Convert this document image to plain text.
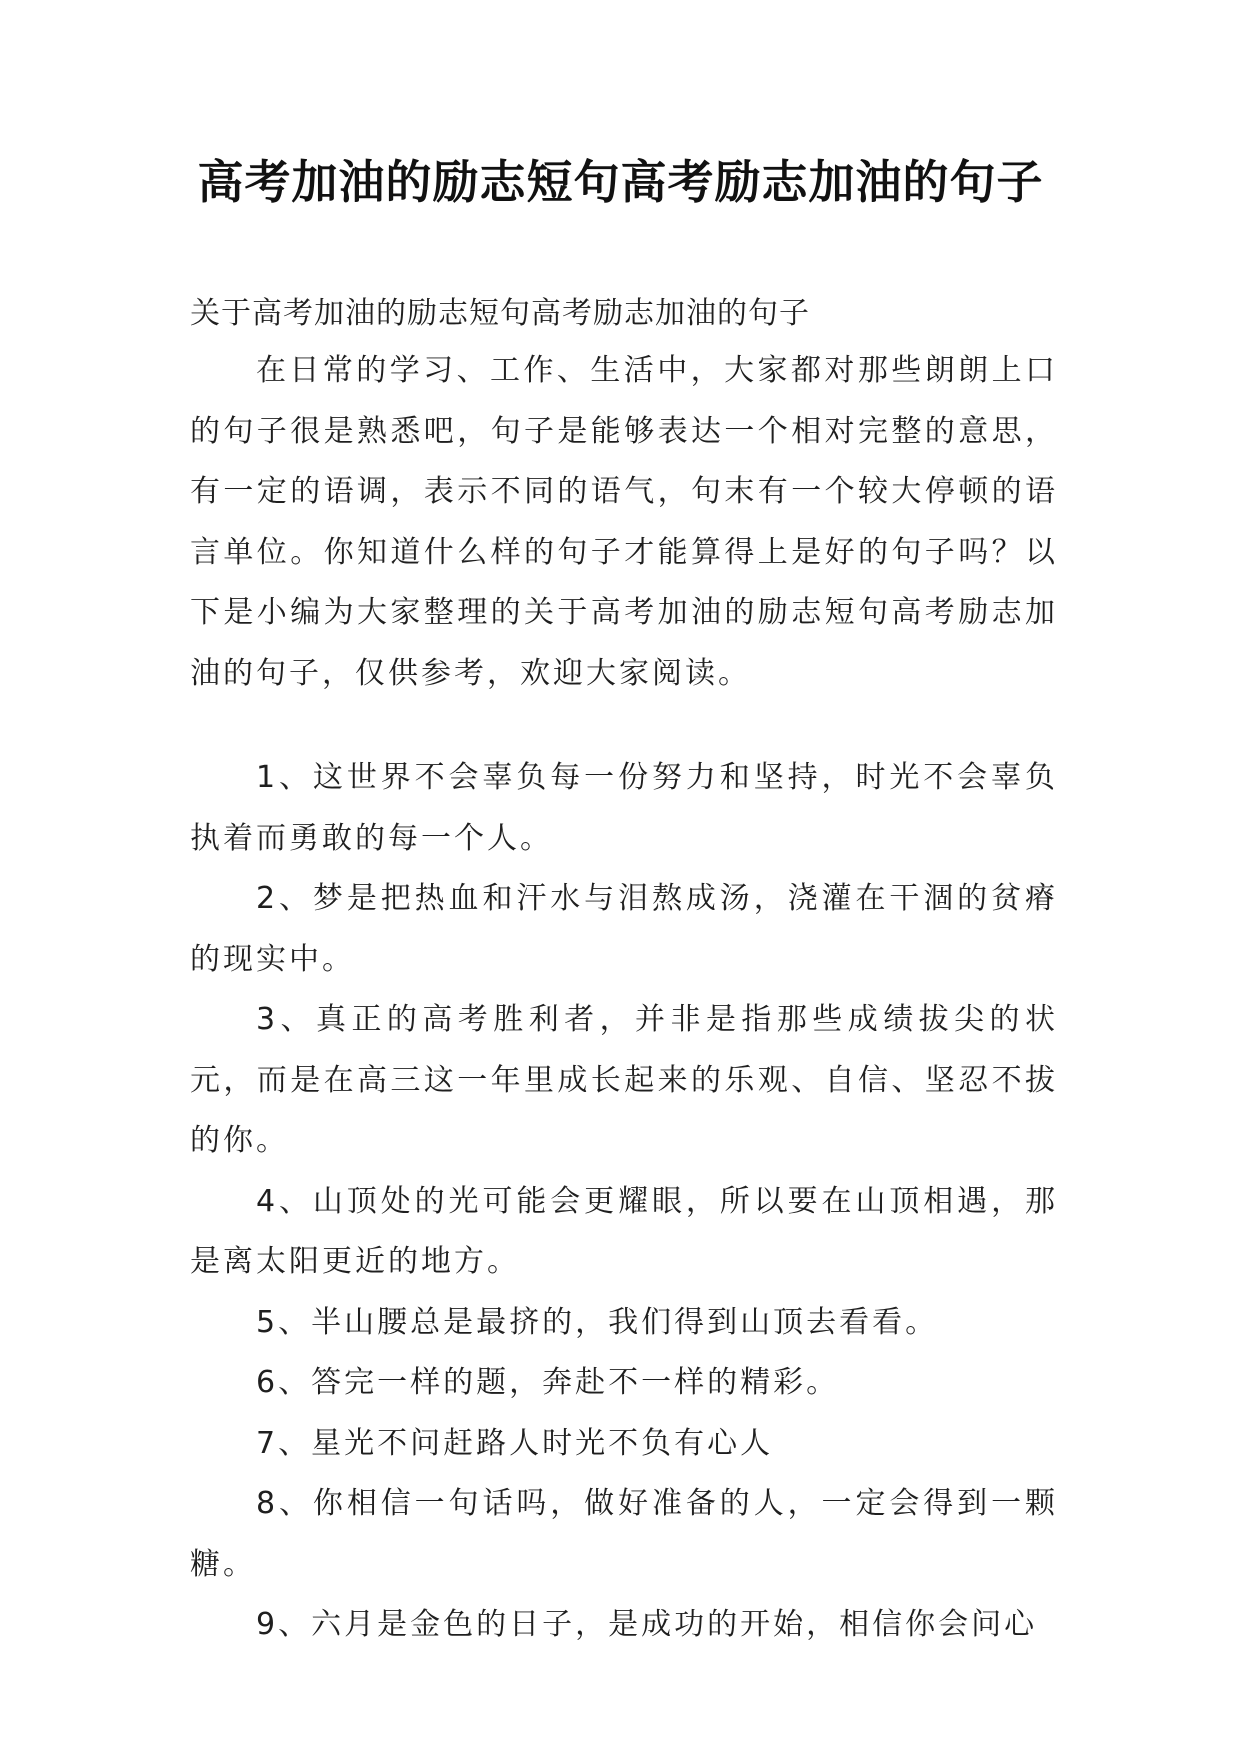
高考加油的励志短句高考励志加油的句子
关于高考加油的励志短句高考励志加油的句子

在日常的学习、工作、生活中，大家都对那些朗朗上口的句子很是熟悉吧，句子是能够表达一个相对完整的意思，有一定的语调，表示不同的语气，句末有一个较大停顿的语言单位。你知道什么样的句子才能算得上是好的句子吗？以下是小编为大家整理的关于高考加油的励志短句高考励志加油的句子，仅供参考，欢迎大家阅读。

1、这世界不会辜负每一份努力和坚持，时光不会辜负执着而勇敢的每一个人。

2、梦是把热血和汗水与泪熬成汤，浇灌在干涸的贫瘠的现实中。

3、真正的高考胜利者，并非是指那些成绩拔尖的状元，而是在高三这一年里成长起来的乐观、自信、坚忍不拔的你。

4、山顶处的光可能会更耀眼，所以要在山顶相遇，那是离太阳更近的地方。

5、半山腰总是最挤的，我们得到山顶去看看。

6、答完一样的题，奔赴不一样的精彩。

7、星光不问赶路人时光不负有心人

8、你相信一句话吗，做好准备的人，一定会得到一颗糖。

9、六月是金色的日子，是成功的开始，相信你会问心
